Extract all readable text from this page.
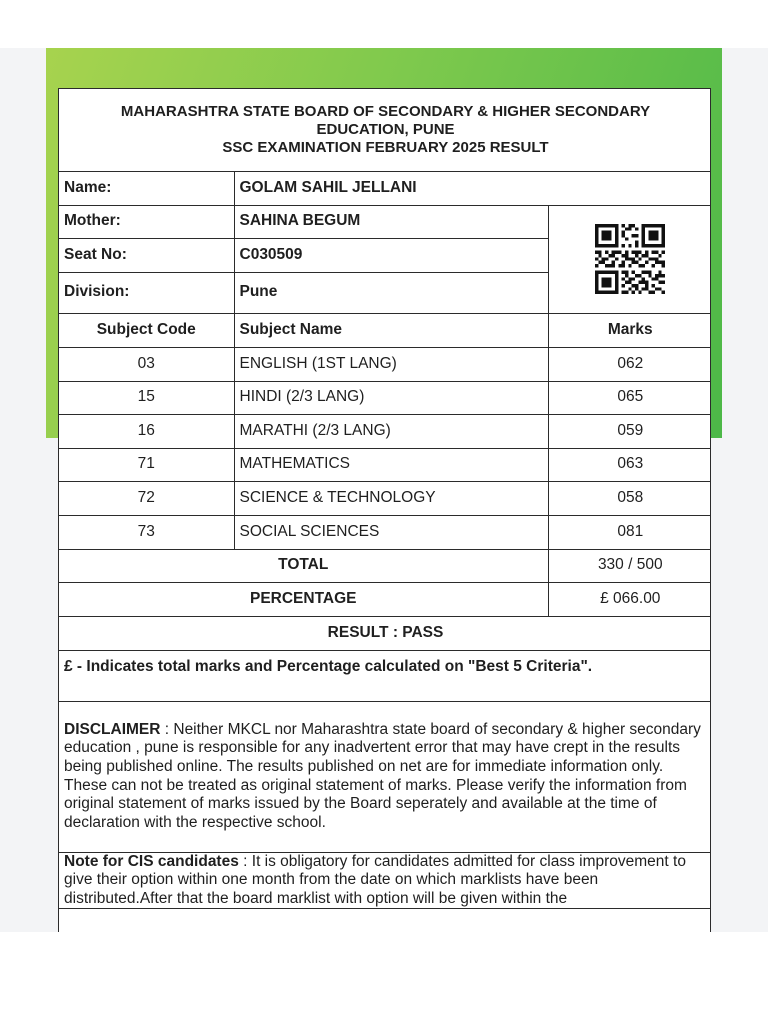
MAHARASHTRA STATE BOARD OF SECONDARY & HIGHER SECONDARY
EDUCATION, PUNE
SSC EXAMINATION FEBRUARY 2025 RESULT		

Name:	GOLAM SAHIL JELLANI	
Mother:	SAHINA BEGUM	

Seat No:	C030509	
Division:	Pune	
Subject Code	Subject Name	Marks
03	ENGLISH (1ST LANG)	062
15	HINDI (2/3 LANG)	065
16	MARATHI (2/3 LANG)	059
71	MATHEMATICS	063
72	SCIENCE & TECHNOLOGY	058
73	SOCIAL SCIENCES	081
TOTAL		330 / 500
PERCENTAGE		£ 066.00
RESULT : PASS		
£ - Indicates total marks and Percentage calculated on "Best 5 Criteria".		
DISCLAIMER : Neither MKCL nor Maharashtra state board of secondary & higher secondary education , pune is responsible for any inadvertent error that may have crept in the results being published online. The results published on net are for immediate information only. These can not be treated as original statement of marks. Please verify the information from original statement of marks issued by the Board seperately and available at the time of declaration with the respective school.		
Note for CIS candidates : It is obligatory for candidates admitted for class improvement to give their option within one month from the date on which marklists have been distributed.After that the board marklist with option will be given within the		
